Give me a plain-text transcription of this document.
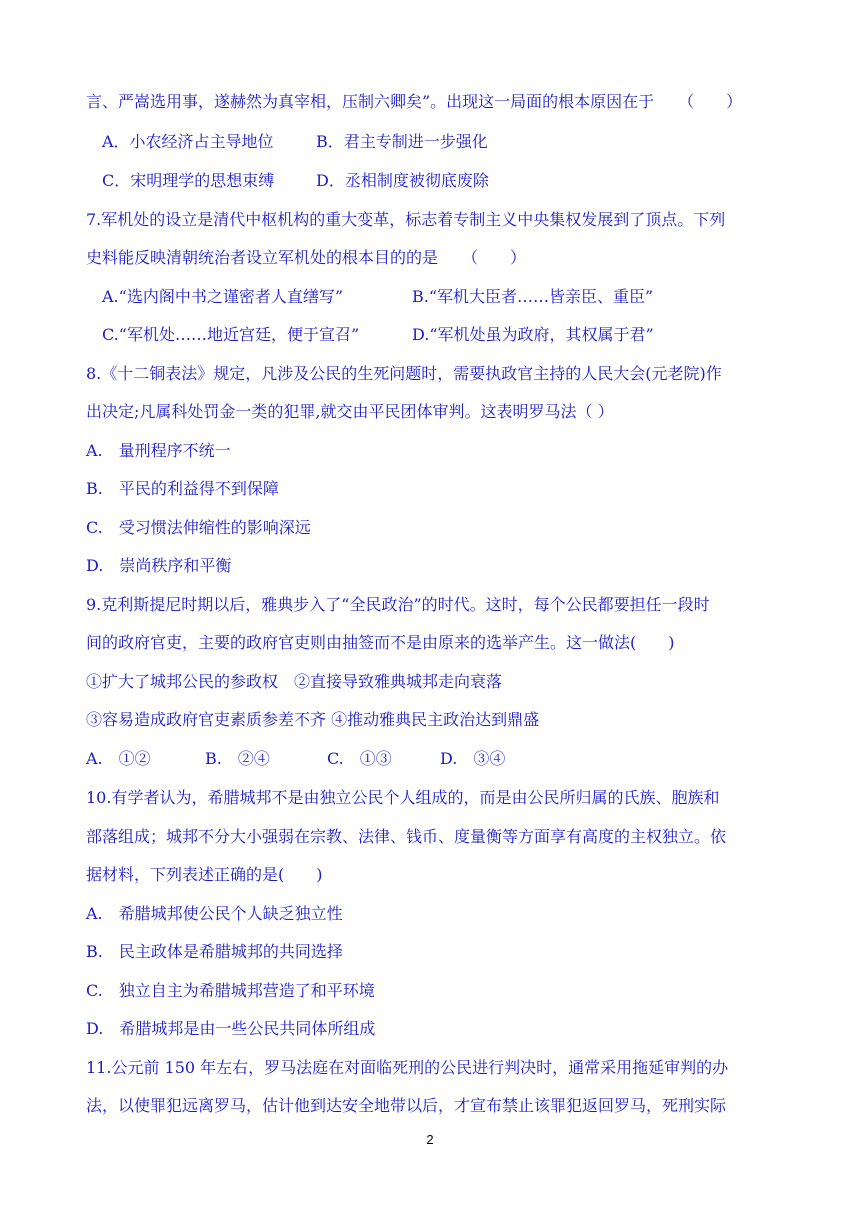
言、严嵩选用事，遂赫然为真宰相，压制六卿矣”。出现这一局面的根本原因在于　　（　　）
A．小农经济占主导地位	B．君主专制进一步强化
C．宋明理学的思想束缚	D．丞相制度被彻底废除
7.军机处的设立是清代中枢机构的重大变革，标志着专制主义中央集权发展到了顶点。下列
史料能反映清朝统治者设立军机处的根本目的的是　　（　　）
A.“选内阁中书之谨密者人直缮写”	B.“军机大臣者……皆亲臣、重臣”
C.“军机处……地近宫廷，便于宣召”	D.“军机处虽为政府，其权属于君”
8.《十二铜表法》规定，凡涉及公民的生死问题时，需要执政官主持的人民大会(元老院)作
出决定;凡属科处罚金一类的犯罪,就交由平民团体审判。这表明罗马法（ ）
A.　量刑程序不统一
B.　平民的利益得不到保障
C.　受习惯法伸缩性的影响深远
D.　崇尚秩序和平衡
9.克利斯提尼时期以后，雅典步入了“全民政治”的时代。这时，每个公民都要担任一段时
间的政府官吏，主要的政府官吏则由抽签而不是由原来的选举产生。这一做法(　　)
①扩大了城邦公民的参政权　②直接导致雅典城邦走向衰落
③容易造成政府官吏素质参差不齐 ④推动雅典民主政治达到鼎盛
A.　①②	B.　②④	C.　①③	D.　③④
10.有学者认为，希腊城邦不是由独立公民个人组成的，而是由公民所归属的氏族、胞族和
部落组成；城邦不分大小强弱在宗教、法律、钱币、度量衡等方面享有高度的主权独立。依
据材料，下列表述正确的是(　　)
A.　希腊城邦使公民个人缺乏独立性
B.　民主政体是希腊城邦的共同选择
C.　独立自主为希腊城邦营造了和平环境
D.　希腊城邦是由一些公民共同体所组成
11.公元前 150 年左右，罗马法庭在对面临死刑的公民进行判决时，通常采用拖延审判的办
法，以使罪犯远离罗马，估计他到达安全地带以后，才宣布禁止该罪犯返回罗马，死刑实际
2
